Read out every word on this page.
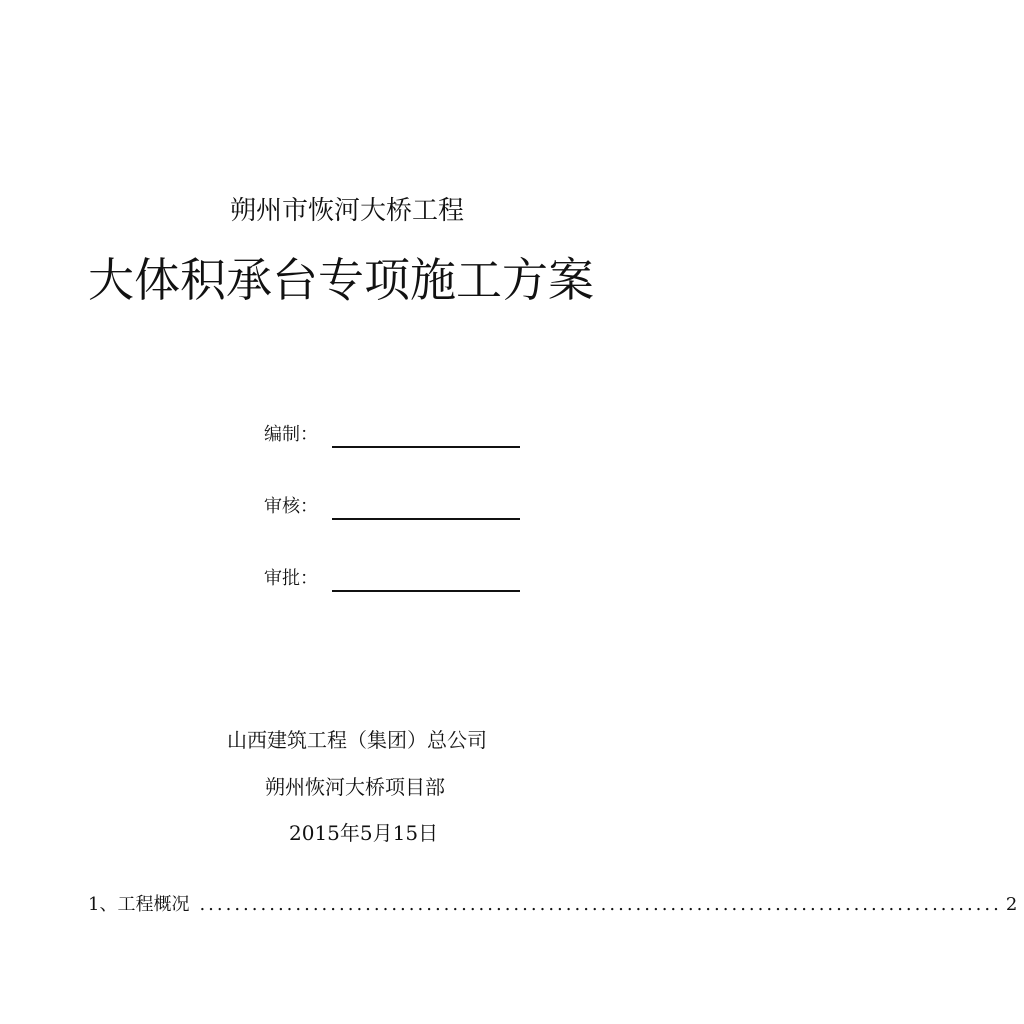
朔州市恢河大桥工程
大体积承台专项施工方案
编制：
审核：
审批：
山西建筑工程（集团）总公司
朔州恢河大桥项目部
2015年5月15日
1、 工程概况 ............................................................................................ 2
